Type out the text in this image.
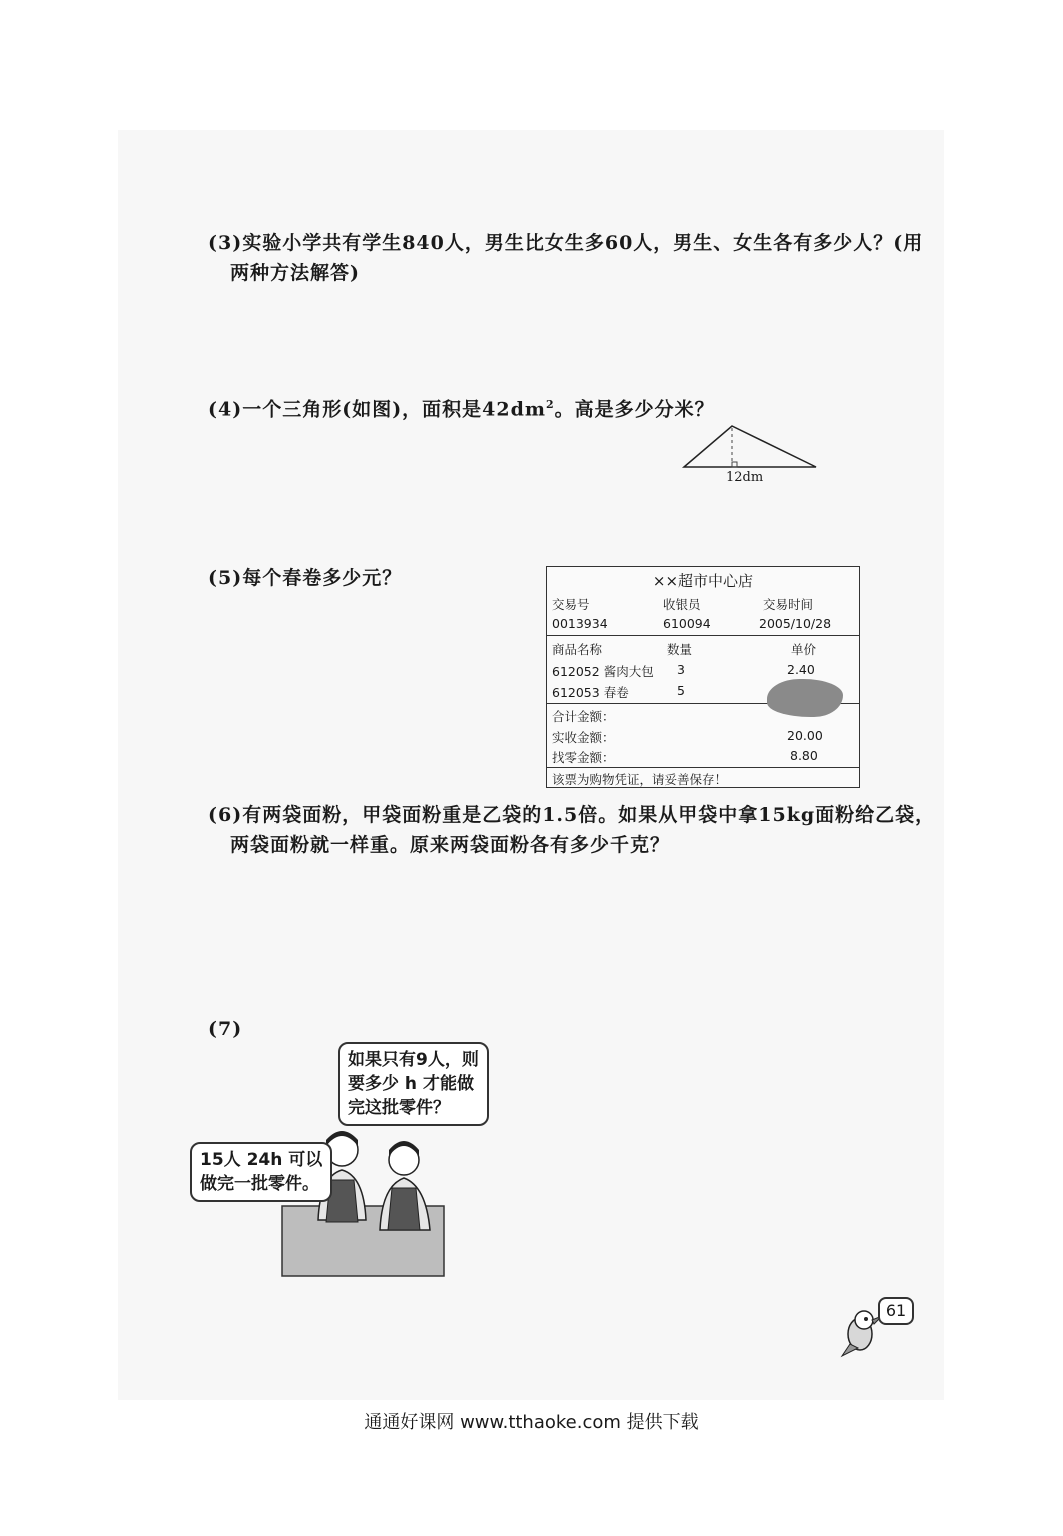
(3)实验小学共有学生840人，男生比女生多60人，男生、女生各有多少人？(用
两种方法解答)
(4)一个三角形(如图)，面积是$42dm^2$。高是多少分米？
12dm
(5)每个春卷多少元？	××超市中心店
交易号	收银员	交易时间
0013934	610094	2005/10/28
商品名称	数量	单价
612052 酱肉大包 3	2.40
612053 春卷	5
合计金额：
实收金额：	20.00
找零金额：	8.80
该票为购物凭证，请妥善保存！
(6)有两袋面粉，甲袋面粉重是乙袋的1.5倍。如果从甲袋中拿15kg面粉给乙袋，
两袋面粉就一样重。原来两袋面粉各有多少千克？
(7)
15人 24h 可以
做完一批零件。
如果只有9人，则
要多少 h 才能做
完这批零件？
61
通通好课网 www.tthaoke.com 提供下载
